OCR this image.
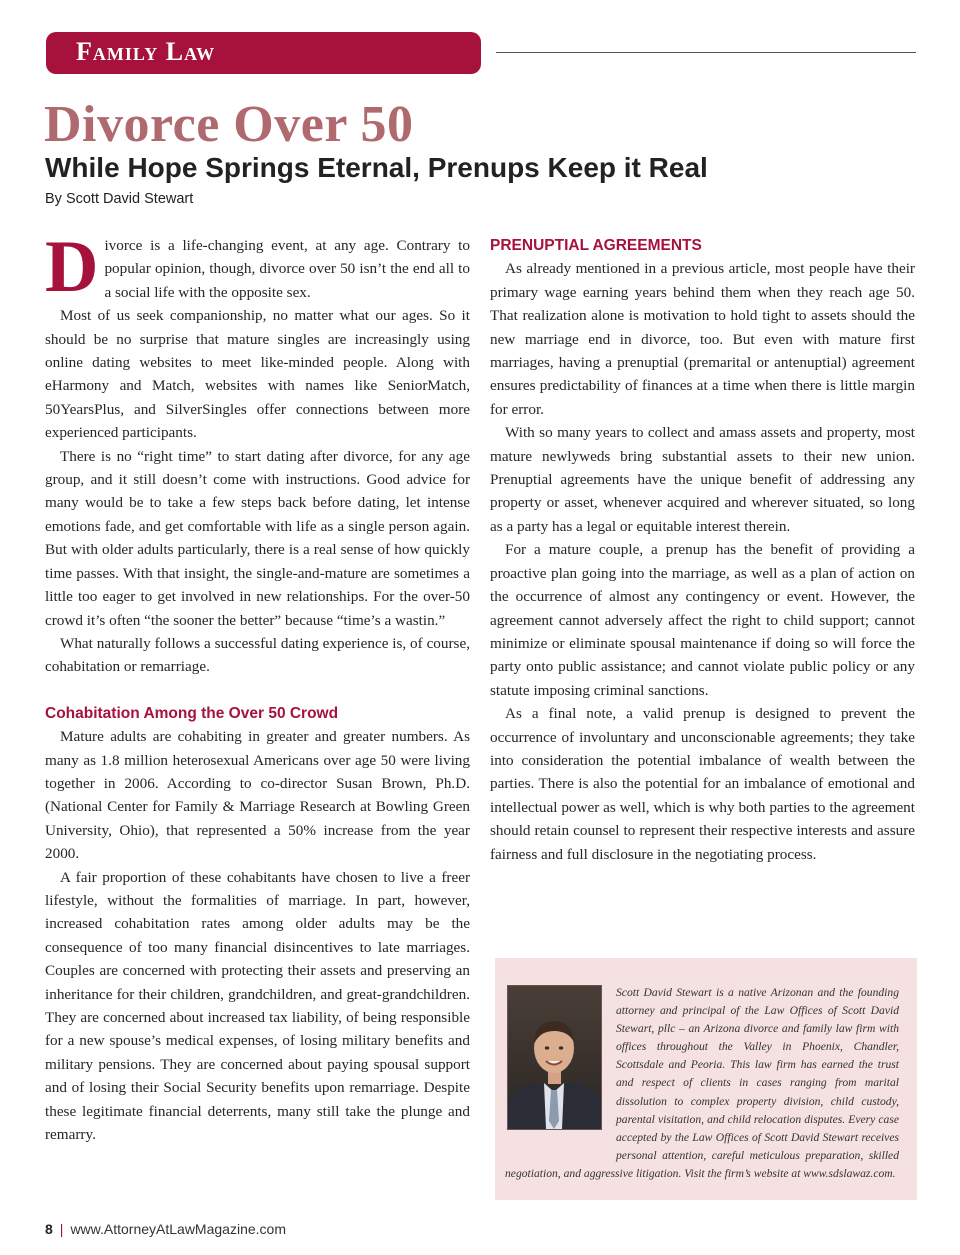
Family Law
Divorce Over 50
While Hope Springs Eternal, Prenups Keep it Real

By Scott David Stewart

Divorce is a life-changing event, at any age. Contrary to popular opinion, though, divorce over 50 isn’t the end all to a social life with the opposite sex.

Most of us seek companionship, no matter what our ages. So it should be no surprise that mature singles are increasingly using online dating websites to meet like-minded people. Along with eHarmony and Match, websites with names like SeniorMatch, 50YearsPlus, and SilverSingles offer connections between more experienced participants.

There is no “right time” to start dating after divorce, for any age group, and it still doesn’t come with instructions. Good advice for many would be to take a few steps back before dating, let intense emotions fade, and get comfortable with life as a single person again. But with older adults particularly, there is a real sense of how quickly time passes. With that insight, the single-and-mature are sometimes a little too eager to get involved in new relationships. For the over-50 crowd it’s often “the sooner the better” because “time’s a wastin.”

What naturally follows a successful dating experience is, of course, cohabitation or remarriage.

Cohabitation Among the Over 50 Crowd

Mature adults are cohabiting in greater and greater numbers. As many as 1.8 million heterosexual Americans over age 50 were living together in 2006. According to co-director Susan Brown, Ph.D. (National Center for Family & Marriage Research at Bowling Green University, Ohio), that represented a 50% increase from the year 2000.

A fair proportion of these cohabitants have chosen to live a freer lifestyle, without the formalities of marriage. In part, however, increased cohabitation rates among older adults may be the consequence of too many financial disincentives to late marriages. Couples are concerned with protecting their assets and preserving an inheritance for their children, grandchildren, and great-grandchildren. They are concerned about increased tax liability, of being responsible for a new spouse’s medical expenses, of losing military benefits and military pensions. They are concerned about paying spousal support and of losing their Social Security benefits upon remarriage. Despite these legitimate financial deterrents, many still take the plunge and remarry.

PRENUPTIAL AGREEMENTS

As already mentioned in a previous article, most people have their primary wage earning years behind them when they reach age 50. That realization alone is motivation to hold tight to assets should the new marriage end in divorce, too. But even with mature first marriages, having a prenuptial (premarital or antenuptial) agreement ensures predictability of finances at a time when there is little margin for error.

With so many years to collect and amass assets and property, most mature newlyweds bring substantial assets to their new union. Prenuptial agreements have the unique benefit of addressing any property or asset, whenever acquired and wherever situated, so long as a party has a legal or equitable interest therein.

For a mature couple, a prenup has the benefit of providing a proactive plan going into the marriage, as well as a plan of action on the occurrence of almost any contingency or event. However, the agreement cannot adversely affect the right to child support; cannot minimize or eliminate spousal maintenance if doing so will force the party onto public assistance; and cannot violate public policy or any statute imposing criminal sanctions.

As a final note, a valid prenup is designed to prevent the occurrence of involuntary and unconscionable agreements; they take into consideration the potential imbalance of wealth between the parties. There is also the potential for an imbalance of emotional and intellectual power as well, which is why both parties to the agreement should retain counsel to represent their respective interests and assure fairness and full disclosure in the negotiating process.

Scott David Stewart is a native Arizonan and the founding attorney and principal of the Law Offices of Scott David Stewart, pllc – an Arizona divorce and family law firm with offices throughout the Valley in Phoenix, Chandler, Scottsdale and Peoria. This law firm has earned the trust and respect of clients in cases ranging from marital dissolution to complex property division, child custody, parental visitation, and child relocation disputes. Every case accepted by the Law Offices of Scott David Stewart receives personal attention, careful meticulous preparation, skilled negotiation, and aggressive litigation. Visit the firm’s website at www.sdslawaz.com.

8 | www.AttorneyAtLawMagazine.com
